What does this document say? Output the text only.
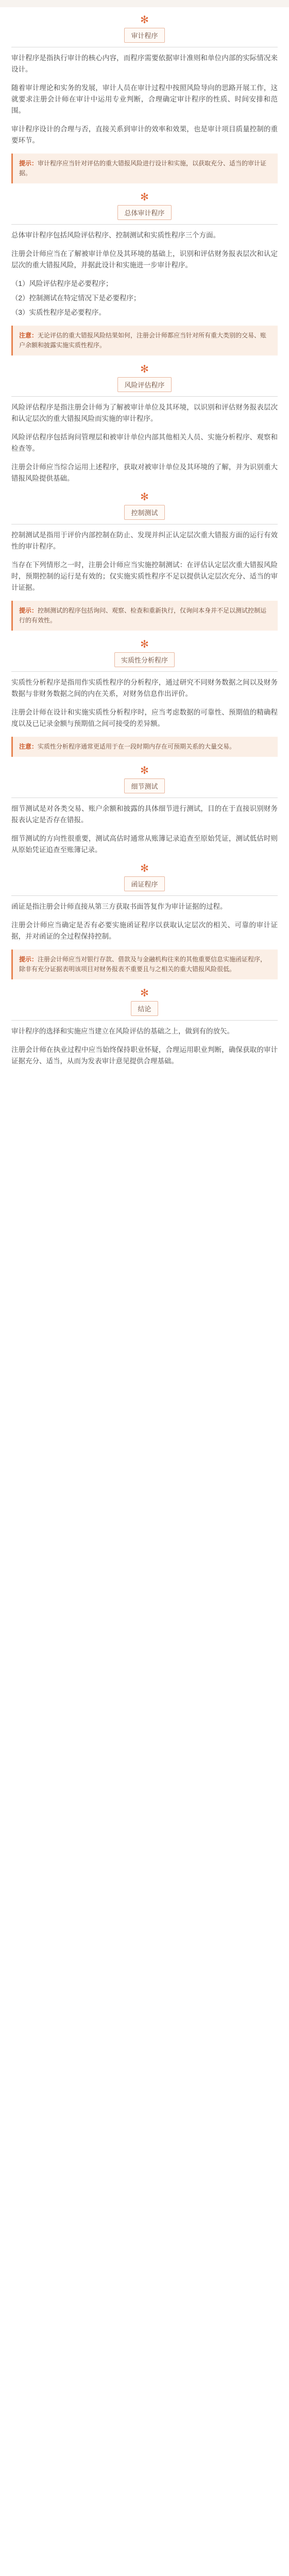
✻
审计程序

审计程序是指执行审计的核心内容，而程序需要依据审计准则和单位内部的实际情况来设计。

随着审计理论和实务的发展，审计人员在审计过程中按照风险导向的思路开展工作，这就要求注册会计师在审计中运用专业判断，合理确定审计程序的性质、时间安排和范围。

审计程序设计的合理与否，直接关系到审计的效率和效果，也是审计项目质量控制的重要环节。

提示：审计程序应当针对评估的重大错报风险进行设计和实施，以获取充分、适当的审计证据。
✻
总体审计程序

总体审计程序包括风险评估程序、控制测试和实质性程序三个方面。

注册会计师应当在了解被审计单位及其环境的基础上，识别和评估财务报表层次和认定层次的重大错报风险，并据此设计和实施进一步审计程序。

（1）风险评估程序是必要程序；
（2）控制测试在特定情况下是必要程序；
（3）实质性程序是必要程序。
注意：无论评估的重大错报风险结果如何，注册会计师都应当针对所有重大类别的交易、账户余额和披露实施实质性程序。
✻
风险评估程序

风险评估程序是指注册会计师为了解被审计单位及其环境，以识别和评估财务报表层次和认定层次的重大错报风险而实施的审计程序。

风险评估程序包括询问管理层和被审计单位内部其他相关人员、实施分析程序、观察和检查等。

注册会计师应当综合运用上述程序，获取对被审计单位及其环境的了解，并为识别重大错报风险提供基础。

✻
控制测试

控制测试是指用于评价内部控制在防止、发现并纠正认定层次重大错报方面的运行有效性的审计程序。

当存在下列情形之一时，注册会计师应当实施控制测试：在评估认定层次重大错报风险时，预期控制的运行是有效的；仅实施实质性程序不足以提供认定层次充分、适当的审计证据。

提示：控制测试的程序包括询问、观察、检查和重新执行，仅询问本身并不足以测试控制运行的有效性。
✻
实质性分析程序

实质性分析程序是指用作实质性程序的分析程序，通过研究不同财务数据之间以及财务数据与非财务数据之间的内在关系，对财务信息作出评价。

注册会计师在设计和实施实质性分析程序时，应当考虑数据的可靠性、预期值的精确程度以及已记录金额与预期值之间可接受的差异额。

注意：实质性分析程序通常更适用于在一段时期内存在可预期关系的大量交易。
✻
细节测试

细节测试是对各类交易、账户余额和披露的具体细节进行测试，目的在于直接识别财务报表认定是否存在错报。

细节测试的方向性很重要，测试高估时通常从账簿记录追查至原始凭证，测试低估时则从原始凭证追查至账簿记录。

✻
函证程序

函证是指注册会计师直接从第三方获取书面答复作为审计证据的过程。

注册会计师应当确定是否有必要实施函证程序以获取认定层次的相关、可靠的审计证据，并对函证的全过程保持控制。

提示：注册会计师应当对银行存款、借款及与金融机构往来的其他重要信息实施函证程序，除非有充分证据表明该项目对财务报表不重要且与之相关的重大错报风险很低。
✻
结论

审计程序的选择和实施应当建立在风险评估的基础之上，做到有的放矢。

注册会计师在执业过程中应当始终保持职业怀疑，合理运用职业判断，确保获取的审计证据充分、适当，从而为发表审计意见提供合理基础。
